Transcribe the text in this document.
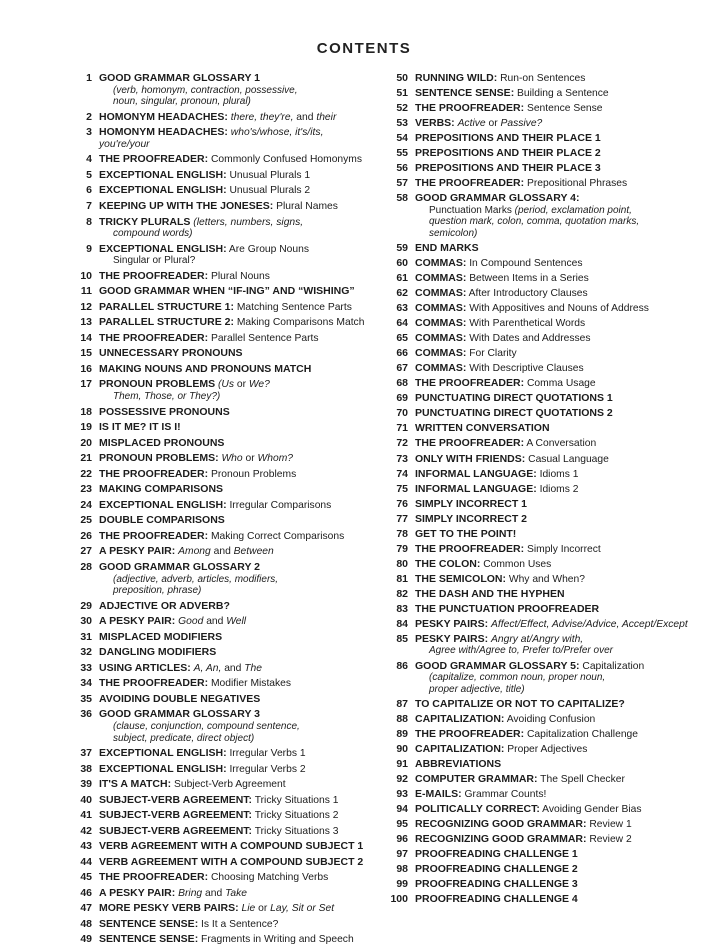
CONTENTS
1 GOOD GRAMMAR GLOSSARY 1
(verb, homonym, contraction, possessive,
noun, singular, pronoun, plural)
2 HOMONYM HEADACHES: there, they're, and their
3 HOMONYM HEADACHES: who's/whose, it's/its, you're/your
4 THE PROOFREADER: Commonly Confused Homonyms
5 EXCEPTIONAL ENGLISH: Unusual Plurals 1
6 EXCEPTIONAL ENGLISH: Unusual Plurals 2
7 KEEPING UP WITH THE JONESES: Plural Names
8 TRICKY PLURALS (letters, numbers, signs,
compound words)
9 EXCEPTIONAL ENGLISH: Are Group Nouns
Singular or Plural?
10 THE PROOFREADER: Plural Nouns
11 GOOD GRAMMAR WHEN “IF-ING” AND “WISHING”
12 PARALLEL STRUCTURE 1: Matching Sentence Parts
13 PARALLEL STRUCTURE 2: Making Comparisons Match
14 THE PROOFREADER: Parallel Sentence Parts
15 UNNECESSARY PRONOUNS
16 MAKING NOUNS AND PRONOUNS MATCH
17 PRONOUN PROBLEMS (Us or We?
Them, Those, or They?)
18 POSSESSIVE PRONOUNS
19 IS IT ME? IT IS I!
20 MISPLACED PRONOUNS
21 PRONOUN PROBLEMS: Who or Whom?
22 THE PROOFREADER: Pronoun Problems
23 MAKING COMPARISONS
24 EXCEPTIONAL ENGLISH: Irregular Comparisons
25 DOUBLE COMPARISONS
26 THE PROOFREADER: Making Correct Comparisons
27 A PESKY PAIR: Among and Between
28 GOOD GRAMMAR GLOSSARY 2
(adjective, adverb, articles, modifiers,
preposition, phrase)
29 ADJECTIVE OR ADVERB?
30 A PESKY PAIR: Good and Well
31 MISPLACED MODIFIERS
32 DANGLING MODIFIERS
33 USING ARTICLES: A, An, and The
34 THE PROOFREADER: Modifier Mistakes
35 AVOIDING DOUBLE NEGATIVES
36 GOOD GRAMMAR GLOSSARY 3
(clause, conjunction, compound sentence,
subject, predicate, direct object)
37 EXCEPTIONAL ENGLISH: Irregular Verbs 1
38 EXCEPTIONAL ENGLISH: Irregular Verbs 2
39 IT'S A MATCH: Subject-Verb Agreement
40 SUBJECT-VERB AGREEMENT: Tricky Situations 1
41 SUBJECT-VERB AGREEMENT: Tricky Situations 2
42 SUBJECT-VERB AGREEMENT: Tricky Situations 3
43 VERB AGREEMENT WITH A COMPOUND SUBJECT 1
44 VERB AGREEMENT WITH A COMPOUND SUBJECT 2
45 THE PROOFREADER: Choosing Matching Verbs
46 A PESKY PAIR: Bring and Take
47 MORE PESKY VERB PAIRS: Lie or Lay, Sit or Set
48 SENTENCE SENSE: Is It a Sentence?
49 SENTENCE SENSE: Fragments in Writing and Speech
50 RUNNING WILD: Run-on Sentences
51 SENTENCE SENSE: Building a Sentence
52 THE PROOFREADER: Sentence Sense
53 VERBS: Active or Passive?
54 PREPOSITIONS AND THEIR PLACE 1
55 PREPOSITIONS AND THEIR PLACE 2
56 PREPOSITIONS AND THEIR PLACE 3
57 THE PROOFREADER: Prepositional Phrases
58 GOOD GRAMMAR GLOSSARY 4:
Punctuation Marks (period, exclamation point,
question mark, colon, comma, quotation marks,
semicolon)
59 END MARKS
60 COMMAS: In Compound Sentences
61 COMMAS: Between Items in a Series
62 COMMAS: After Introductory Clauses
63 COMMAS: With Appositives and Nouns of Address
64 COMMAS: With Parenthetical Words
65 COMMAS: With Dates and Addresses
66 COMMAS: For Clarity
67 COMMAS: With Descriptive Clauses
68 THE PROOFREADER: Comma Usage
69 PUNCTUATING DIRECT QUOTATIONS 1
70 PUNCTUATING DIRECT QUOTATIONS 2
71 WRITTEN CONVERSATION
72 THE PROOFREADER: A Conversation
73 ONLY WITH FRIENDS: Casual Language
74 INFORMAL LANGUAGE: Idioms 1
75 INFORMAL LANGUAGE: Idioms 2
76 SIMPLY INCORRECT 1
77 SIMPLY INCORRECT 2
78 GET TO THE POINT!
79 THE PROOFREADER: Simply Incorrect
80 THE COLON: Common Uses
81 THE SEMICOLON: Why and When?
82 THE DASH AND THE HYPHEN
83 THE PUNCTUATION PROOFREADER
84 PESKY PAIRS: Affect/Effect, Advise/Advice, Accept/Except
85 PESKY PAIRS: Angry at/Angry with,
Agree with/Agree to, Prefer to/Prefer over
86 GOOD GRAMMAR GLOSSARY 5: Capitalization
(capitalize, common noun, proper noun,
proper adjective, title)
87 TO CAPITALIZE OR NOT TO CAPITALIZE?
88 CAPITALIZATION: Avoiding Confusion
89 THE PROOFREADER: Capitalization Challenge
90 CAPITALIZATION: Proper Adjectives
91 ABBREVIATIONS
92 COMPUTER GRAMMAR: The Spell Checker
93 E-MAILS: Grammar Counts!
94 POLITICALLY CORRECT: Avoiding Gender Bias
95 RECOGNIZING GOOD GRAMMAR: Review 1
96 RECOGNIZING GOOD GRAMMAR: Review 2
97 PROOFREADING CHALLENGE 1
98 PROOFREADING CHALLENGE 2
99 PROOFREADING CHALLENGE 3
100 PROOFREADING CHALLENGE 4
